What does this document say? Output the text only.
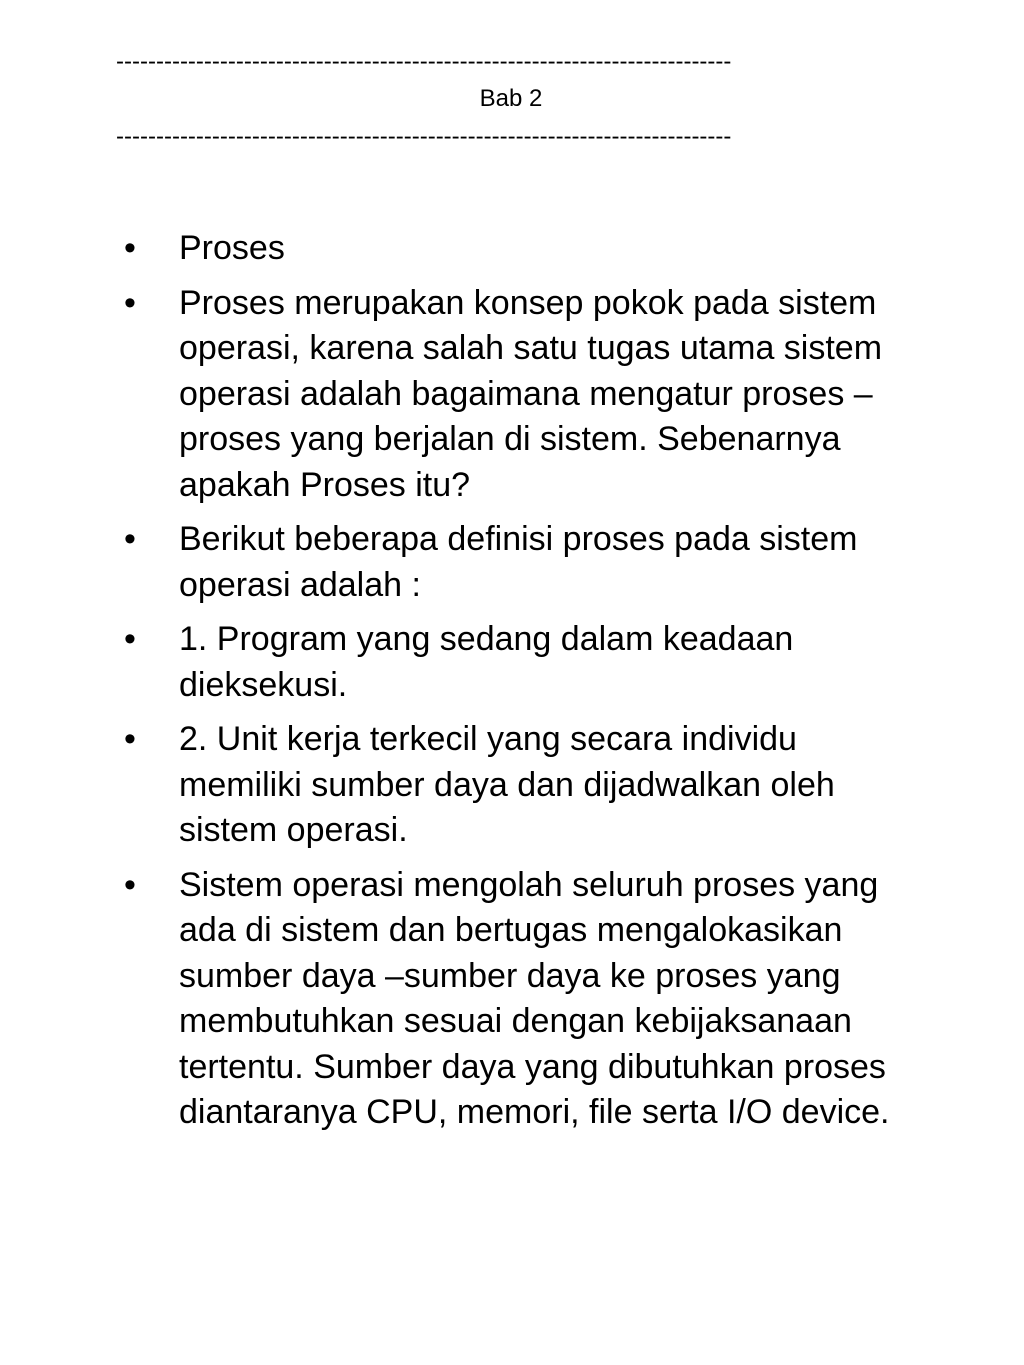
-----------------------------------------------------------------------------
Bab 2
-----------------------------------------------------------------------------
•	Proses
•	Proses merupakan konsep pokok pada sistem operasi, karena salah satu tugas utama sistem operasi adalah bagaimana mengatur proses – proses yang berjalan di sistem. Sebenarnya apakah Proses itu?
•	Berikut beberapa definisi proses pada sistem operasi adalah :
•	1. Program yang sedang dalam keadaan dieksekusi.
•	2. Unit kerja terkecil yang secara individu memiliki sumber daya dan dijadwalkan oleh sistem operasi.
•	Sistem operasi mengolah seluruh proses yang ada di sistem dan bertugas mengalokasikan sumber daya –sumber daya ke proses yang membutuhkan sesuai dengan kebijaksanaan tertentu. Sumber daya yang dibutuhkan proses diantaranya CPU, memori, file serta I/O device.
